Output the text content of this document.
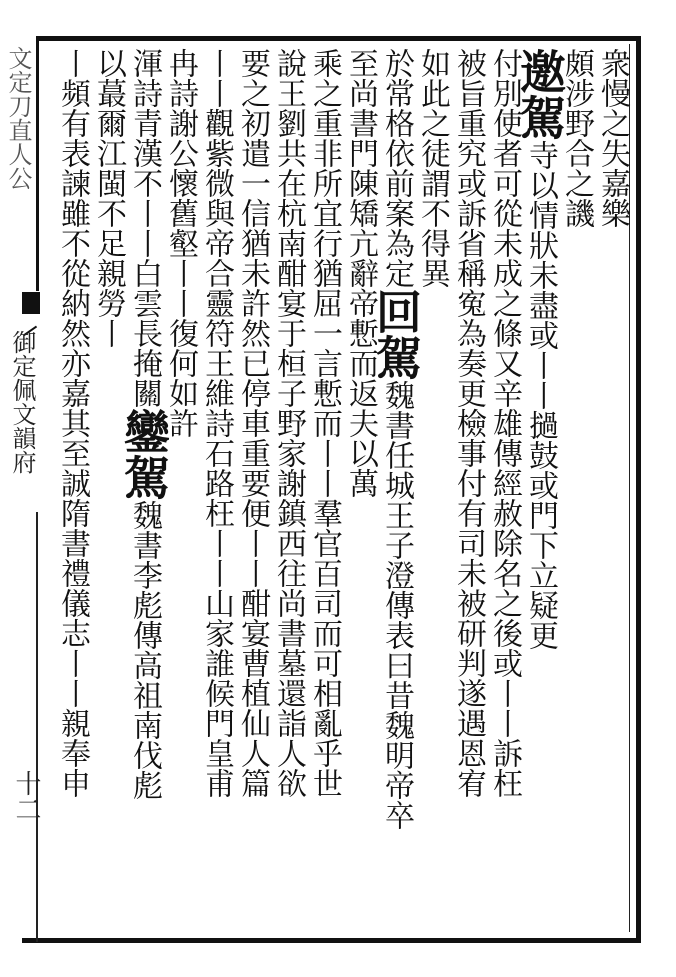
文定刀直人公
御定佩文韻府
十二
衆慢之失嘉樂
頗涉野合之譏
邀駕寺以情狀未盡或丨丨撾鼓或門下立疑更
付別使者可從未成之條又辛雄傳經赦除名之後或丨丨訴枉
被旨重究或訴省稱寃為奏更檢事付有司未被研判遂遇恩宥
如此之徒謂不得異
於常格依前案為定回駕魏書任城王子澄傳表曰昔魏明帝卒
至尚書門陳矯亢辭帝慙而返夫以萬
乘之重非所宜行猶屈一言慙而丨丨羣官百司而可相亂乎世
說王劉共在杭南酣宴于桓子野家謝鎮西往尚書墓還詣人欲
要之初遣一信猶未許然已停車重要便丨丨酣宴曹植仙人篇
丨丨觀紫微與帝合靈符王維詩石路枉丨丨山家誰候門皇甫
冉詩謝公懷舊壑丨丨復何如許
渾詩青漢不丨丨白雲長掩關鑾駕魏書李彪傳高祖南伐彪
以蕞爾江閩不足親勞丨
丨頻有表諫雖不從納然亦嘉其至誠隋書禮儀志丨丨親奉申
